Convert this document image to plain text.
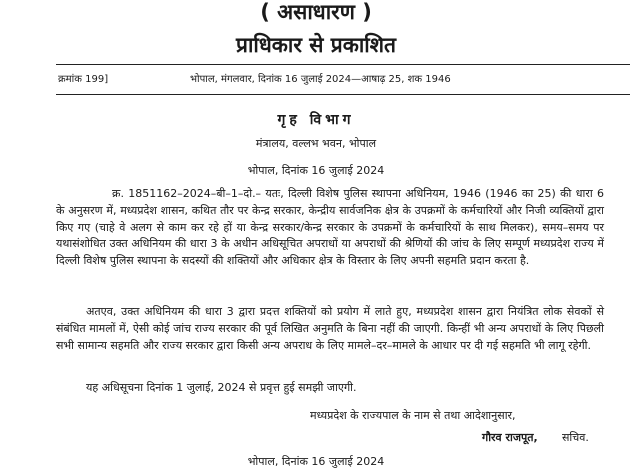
( असाधारण )
प्राधिकार से प्रकाशित
क्रमांक 199]	भोपाल, मंगलवार, दिनांक 16 जुलाई 2024—आषाढ़ 25, शक 1946
गृह विभाग
मंत्रालय, वल्लभ भवन, भोपाल
भोपाल, दिनांक 16 जुलाई 2024
क्र. 1851162–2024–बी–1–दो.– यतः, दिल्ली विशेष पुलिस स्थापना अधिनियम, 1946 (1946 का 25) की धारा 6 के अनुसरण में, मध्यप्रदेश शासन, कथित तौर पर केन्द्र सरकार, केन्द्रीय सार्वजनिक क्षेत्र के उपक्रमों के कर्मचारियों और निजी व्यक्तियों द्वारा किए गए (चाहे वे अलग से काम कर रहे हों या केन्द्र सरकार/केन्द्र सरकार के उपक्रमों के कर्मचारियों के साथ मिलकर), समय–समय पर यथासंशोधित उक्त अधिनियम की धारा 3 के अधीन अधिसूचित अपराधों या अपराधों की श्रेणियों की जांच के लिए सम्पूर्ण मध्यप्रदेश राज्य में दिल्ली विशेष पुलिस स्थापना के सदस्यों की शक्तियों और अधिकार क्षेत्र के विस्तार के लिए अपनी सहमति प्रदान करता है.
अतएव, उक्त अधिनियम की धारा 3 द्वारा प्रदत्त शक्तियों को प्रयोग में लाते हुए, मध्यप्रदेश शासन द्वारा नियंत्रित लोक सेवकों से संबंधित मामलों में, ऐसी कोई जांच राज्य सरकार की पूर्व लिखित अनुमति के बिना नहीं की जाएगी. किन्हीं भी अन्य अपराधों के लिए पिछली सभी सामान्य सहमति और राज्य सरकार द्वारा किसी अन्य अपराध के लिए मामले–दर–मामले के आधार पर दी गई सहमति भी लागू रहेगी.
यह अधिसूचना दिनांक 1 जुलाई, 2024 से प्रवृत्त हुई समझी जाएगी.
मध्यप्रदेश के राज्यपाल के नाम से तथा आदेशानुसार,
गौरव राजपूत, सचिव.
भोपाल, दिनांक 16 जुलाई 2024
